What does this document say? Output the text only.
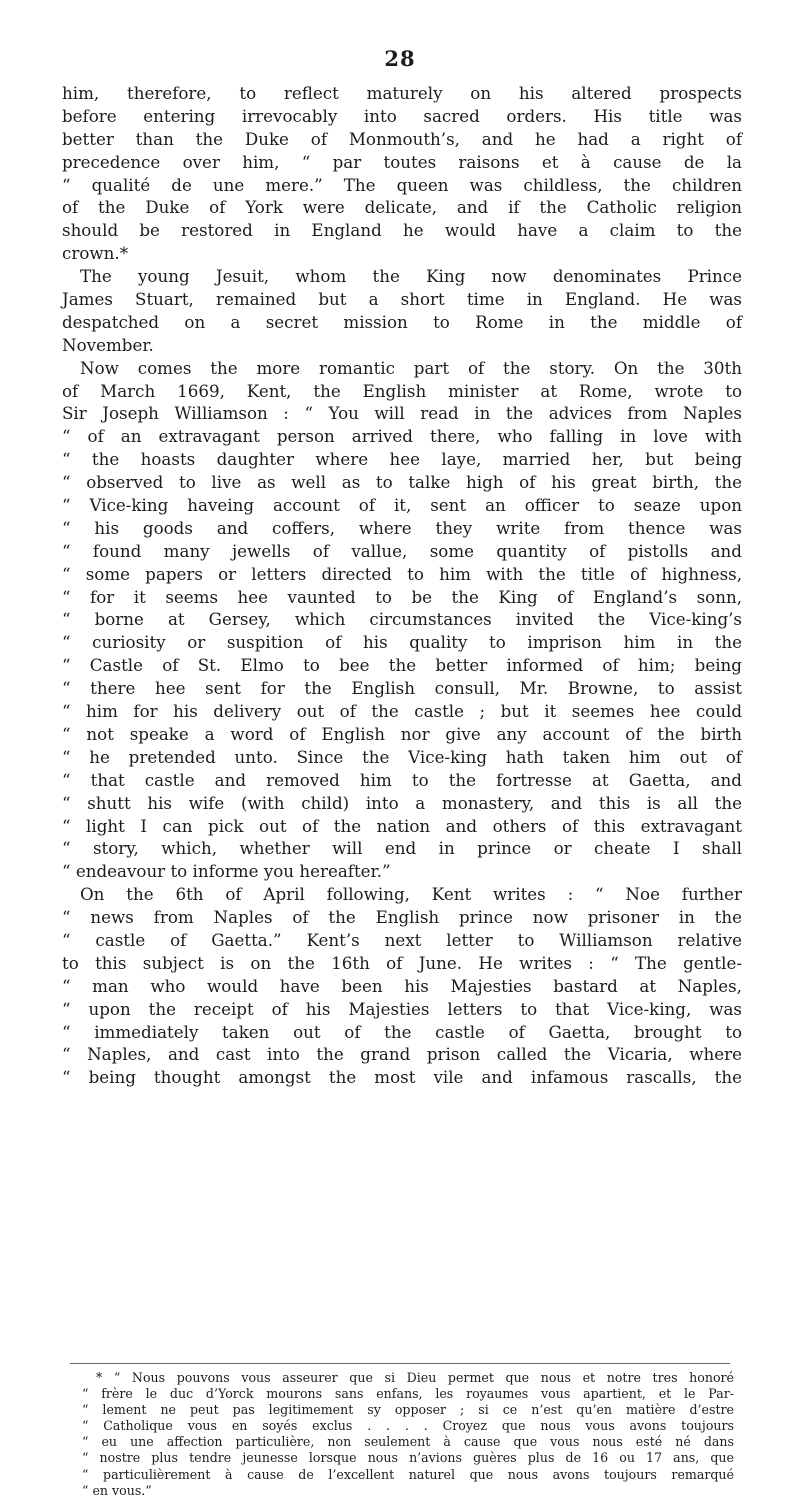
28
him, therefore, to reflect maturely on his altered prospects
before entering irrevocably into sacred orders. His title was
better than the Duke of Monmouth’s, and he had a right of
precedence over him, “ par toutes raisons et à cause de la
“ qualité de une mere.” The queen was childless, the children
of the Duke of York were delicate, and if the Catholic religion
should be restored in England he would have a claim to the
crown.*
The young Jesuit, whom the King now denominates Prince
James Stuart, remained but a short time in England. He was
despatched on a secret mission to Rome in the middle of
November.
Now comes the more romantic part of the story. On the 30th
of March 1669, Kent, the English minister at Rome, wrote to
Sir Joseph Williamson : “ You will read in the advices from Naples
“ of an extravagant person arrived there, who falling in love with
“ the hoasts daughter where hee laye, married her, but being
“ observed to live as well as to talke high of his great birth, the
“ Vice-king haveing account of it, sent an officer to seaze upon
“ his goods and coffers, where they write from thence was
“ found many jewells of vallue, some quantity of pistolls and
“ some papers or letters directed to him with the title of highness,
“ for it seems hee vaunted to be the King of England’s sonn,
“ borne at Gersey, which circumstances invited the Vice-king’s
“ curiosity or suspition of his quality to imprison him in the
“ Castle of St. Elmo to bee the better informed of him; being
“ there hee sent for the English consull, Mr. Browne, to assist
“ him for his delivery out of the castle ; but it seemes hee could
“ not speake a word of English nor give any account of the birth
“ he pretended unto. Since the Vice-king hath taken him out of
“ that castle and removed him to the fortresse at Gaetta, and
“ shutt his wife (with child) into a monastery, and this is all the
“ light I can pick out of the nation and others of this extravagant
“ story, which, whether will end in prince or cheate I shall
“ endeavour to informe you hereafter.”
On the 6th of April following, Kent writes : “ Noe further
“ news from Naples of the English prince now prisoner in the
“ castle of Gaetta.” Kent’s next letter to Williamson relative
to this subject is on the 16th of June. He writes : “ The gentle-
“ man who would have been his Majesties bastard at Naples,
“ upon the receipt of his Majesties letters to that Vice-king, was
“ immediately taken out of the castle of Gaetta, brought to
“ Naples, and cast into the grand prison called the Vicaria, where
“ being thought amongst the most vile and infamous rascalls, the
* “ Nous pouvons vous asseurer que si Dieu permet que nous et notre tres honoré
“ frère le duc d’Yorck mourons sans enfans, les royaumes vous apartient, et le Par-
“ lement ne peut pas legitimement sy opposer ; si ce n’est qu’en matière d’estre
“ Catholique vous en soyés exclus . . . . Croyez que nous vous avons toujours
“ eu une affection particulière, non seulement à cause que vous nous esté né dans
“ nostre plus tendre jeunesse lorsque nous n’avions guères plus de 16 ou 17 ans, que
“ particulièrement à cause de l’excellent naturel que nous avons toujours remarqué
“ en vous.”
